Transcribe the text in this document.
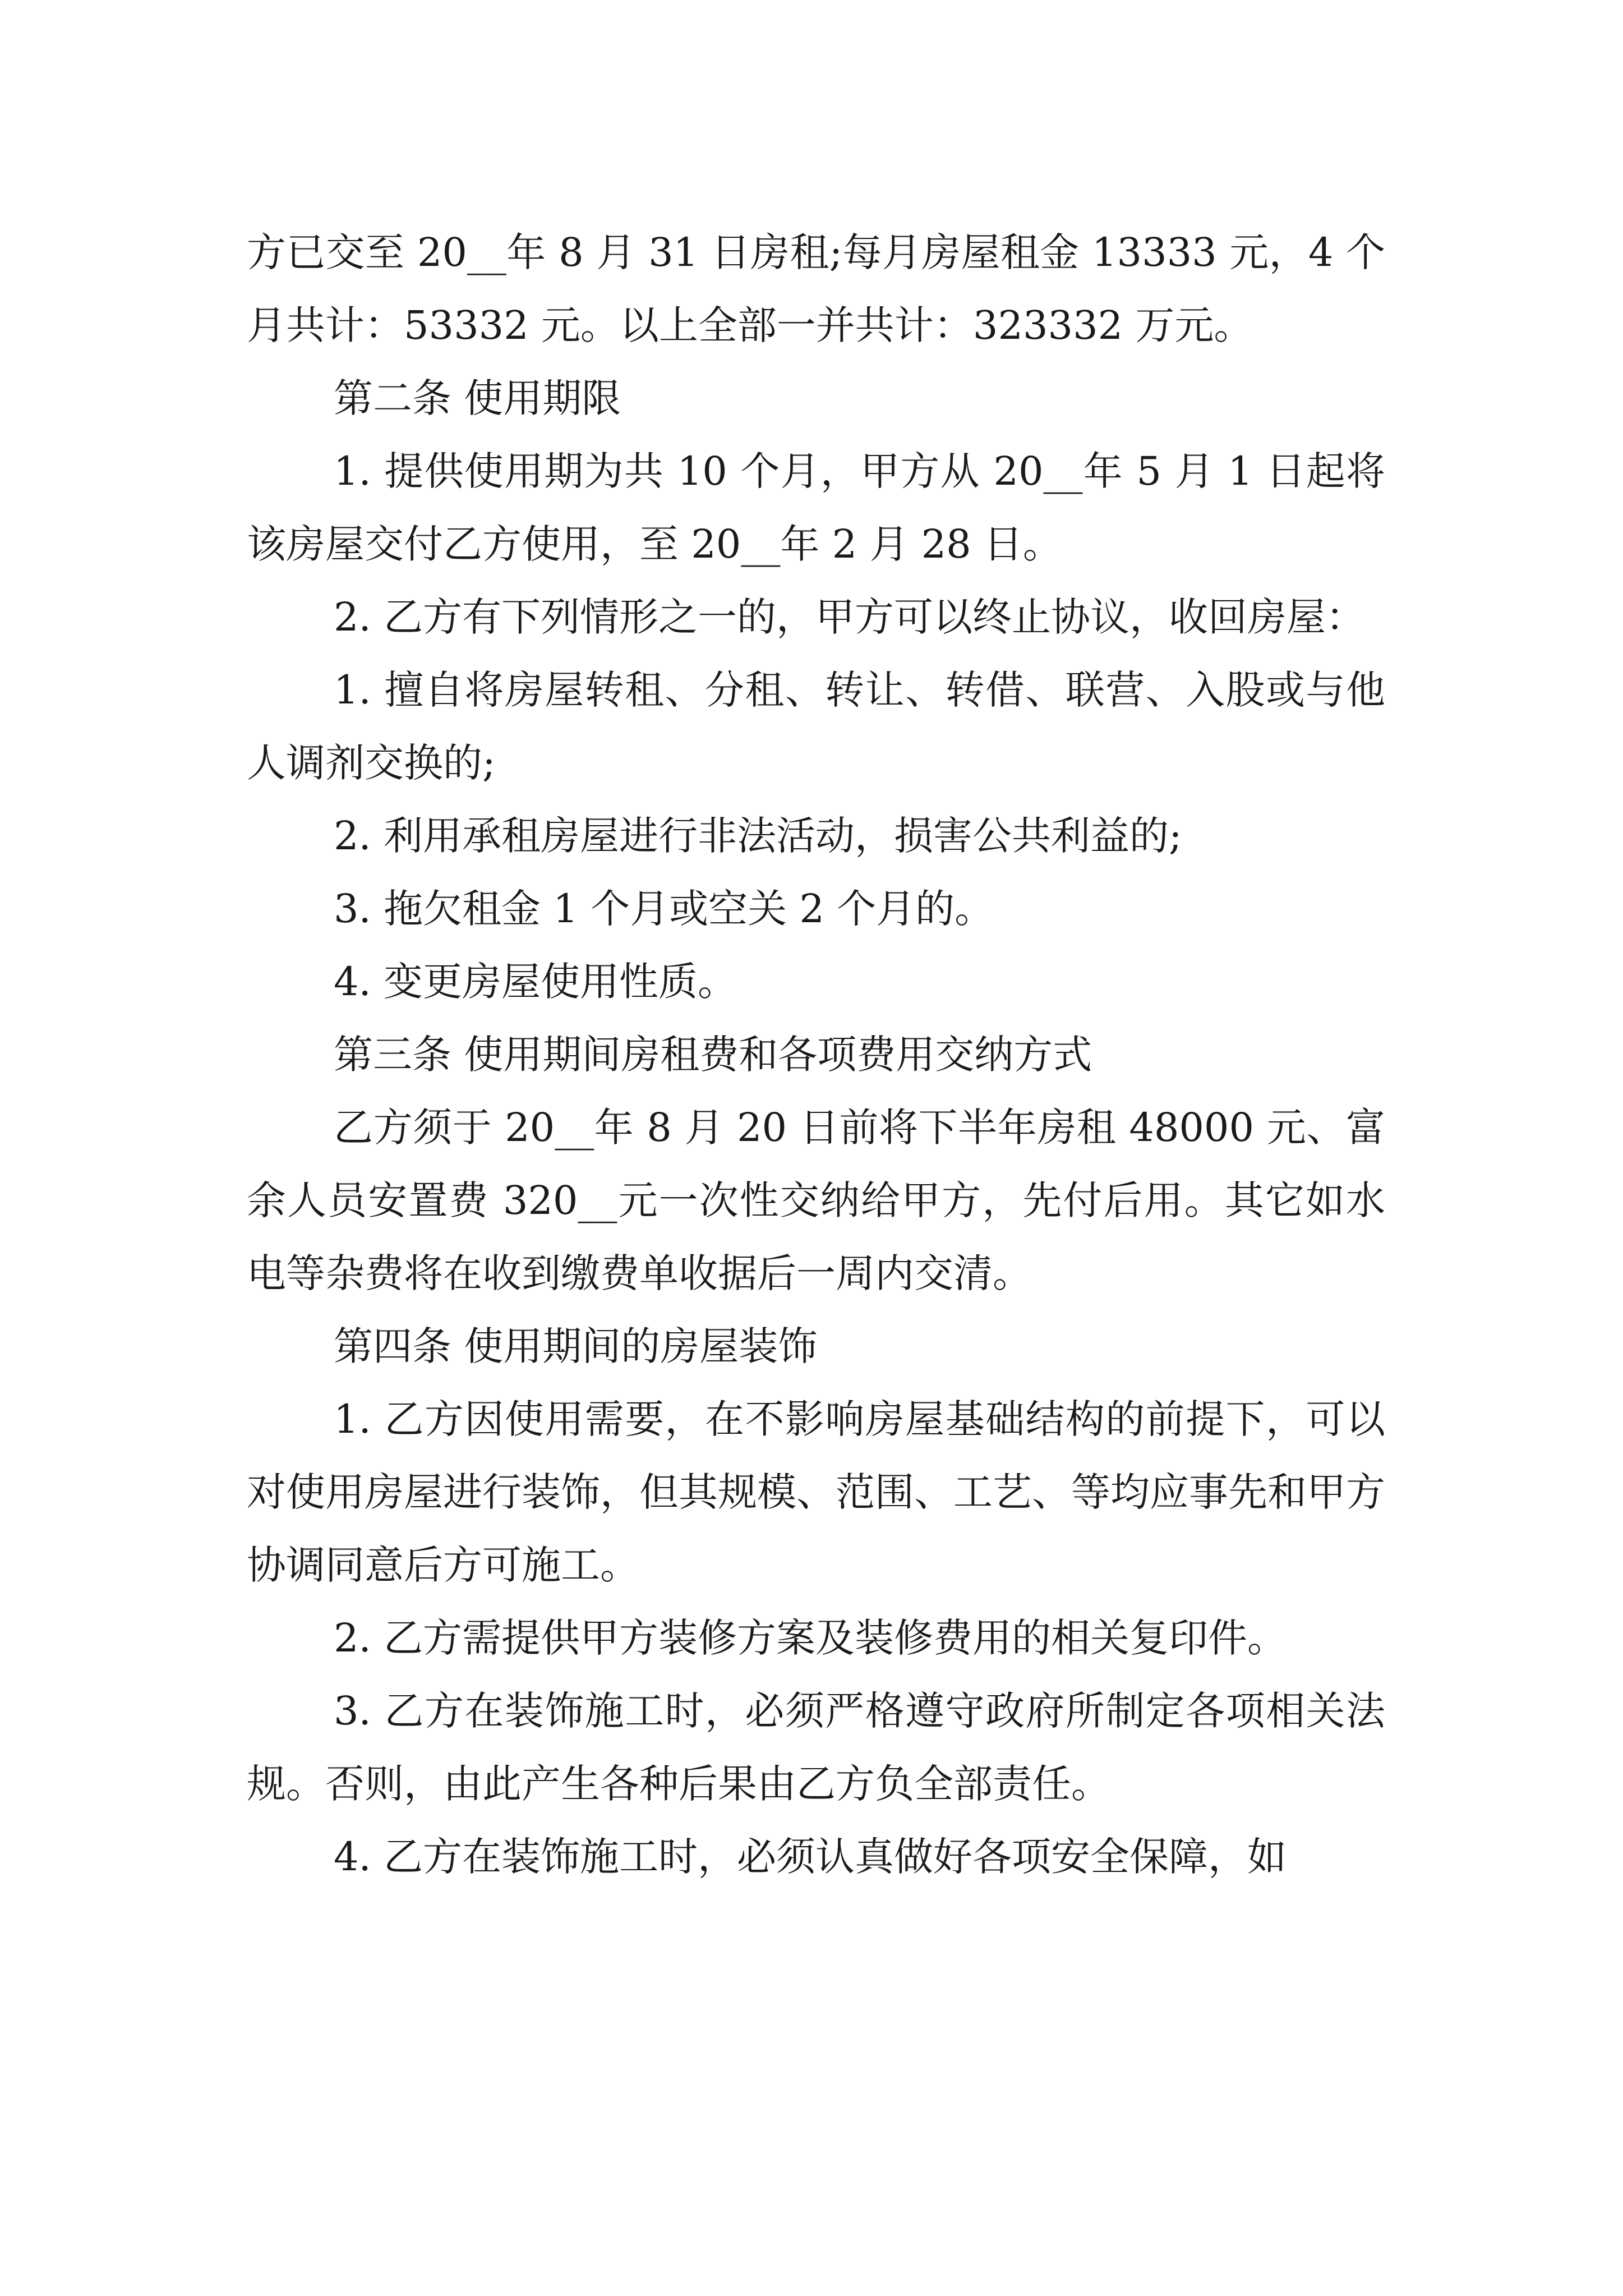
方已交至 20__年 8 月 31 日房租;每月房屋租金 13333 元，4 个月共计：53332 元。以上全部一并共计：323332 万元。

第二条 使用期限

1. 提供使用期为共 10 个月，甲方从 20__年 5 月 1 日起将该房屋交付乙方使用，至 20__年 2 月 28 日。

2. 乙方有下列情形之一的，甲方可以终止协议，收回房屋：

1. 擅自将房屋转租、分租、转让、转借、联营、入股或与他人调剂交换的;

2. 利用承租房屋进行非法活动，损害公共利益的;

3. 拖欠租金 1 个月或空关 2 个月的。

4. 变更房屋使用性质。

第三条 使用期间房租费和各项费用交纳方式

乙方须于 20__年 8 月 20 日前将下半年房租 48000 元、富余人员安置费 320__元一次性交纳给甲方，先付后用。其它如水电等杂费将在收到缴费单收据后一周内交清。

第四条 使用期间的房屋装饰

1. 乙方因使用需要，在不影响房屋基础结构的前提下，可以对使用房屋进行装饰，但其规模、范围、工艺、等均应事先和甲方协调同意后方可施工。

2. 乙方需提供甲方装修方案及装修费用的相关复印件。

3. 乙方在装饰施工时，必须严格遵守政府所制定各项相关法规。否则，由此产生各种后果由乙方负全部责任。

4. 乙方在装饰施工时，必须认真做好各项安全保障，如
